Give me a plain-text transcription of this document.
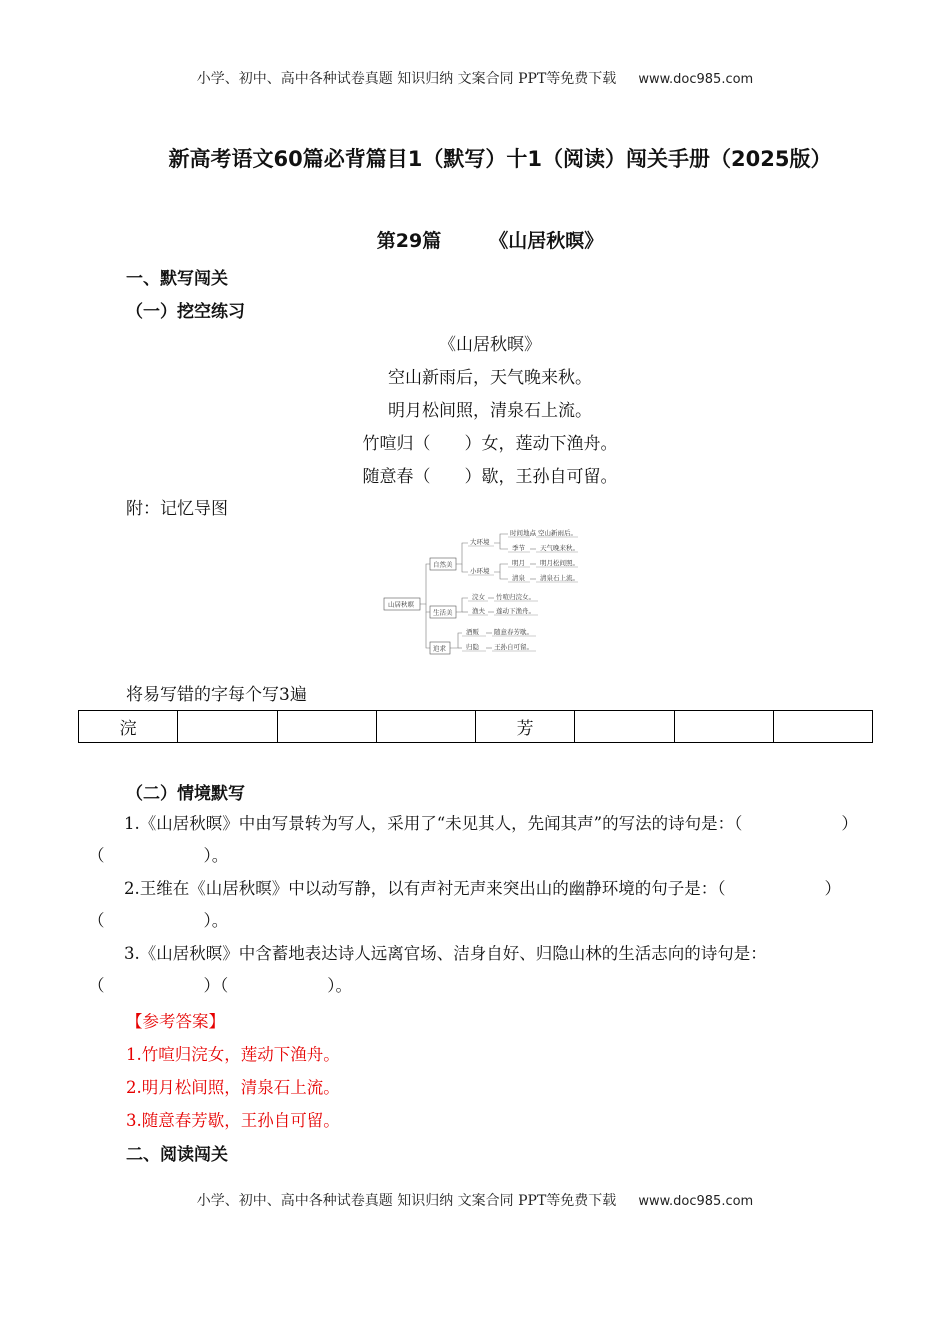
小学、初中、高中各种试卷真题 知识归纳 文案合同 PPT等免费下载 www.doc985.com
新高考语文60篇必背篇目1（默写）十1（阅读）闯关手册（2025版）
第29篇	《山居秋暝》
一、默写闯关
（一）挖空练习
《山居秋暝》
空山新雨后，天气晚来秋。
明月松间照，清泉石上流。
竹喧归（　　）女，莲动下渔舟。
随意春（　　）歇，王孙自可留。
附：记忆导图
山居秋暝
自然美
生活美
追求
大环境
小环境
时间地点
季节
明月
清泉
浣女
渔夫
酒贩
归隐
空山新雨后。
天气晚来秋。
明月松间照。
清泉石上流。
竹喧归浣女。
莲动下渔舟。
随意春芳歇。
王孙自可留。
将易写错的字每个写3遍
浣				芳			
（二）情境默写
1.《山居秋暝》中由写景转为写人，采用了“未见其人，先闻其声”的写法的诗句是：（　　　　　　）（　　　　　　）。
2.王维在《山居秋暝》中以动写静，以有声衬无声来突出山的幽静环境的句子是：（　　　　　　）（　　　　　　）。
3.《山居秋暝》中含蓄地表达诗人远离官场、洁身自好、归隐山林的生活志向的诗句是：（　　　　　　）（　　　　　　）。
【参考答案】
1.竹喧归浣女，莲动下渔舟。
2.明月松间照，清泉石上流。
3.随意春芳歇，王孙自可留。
二、阅读闯关
小学、初中、高中各种试卷真题 知识归纳 文案合同 PPT等免费下载 www.doc985.com
